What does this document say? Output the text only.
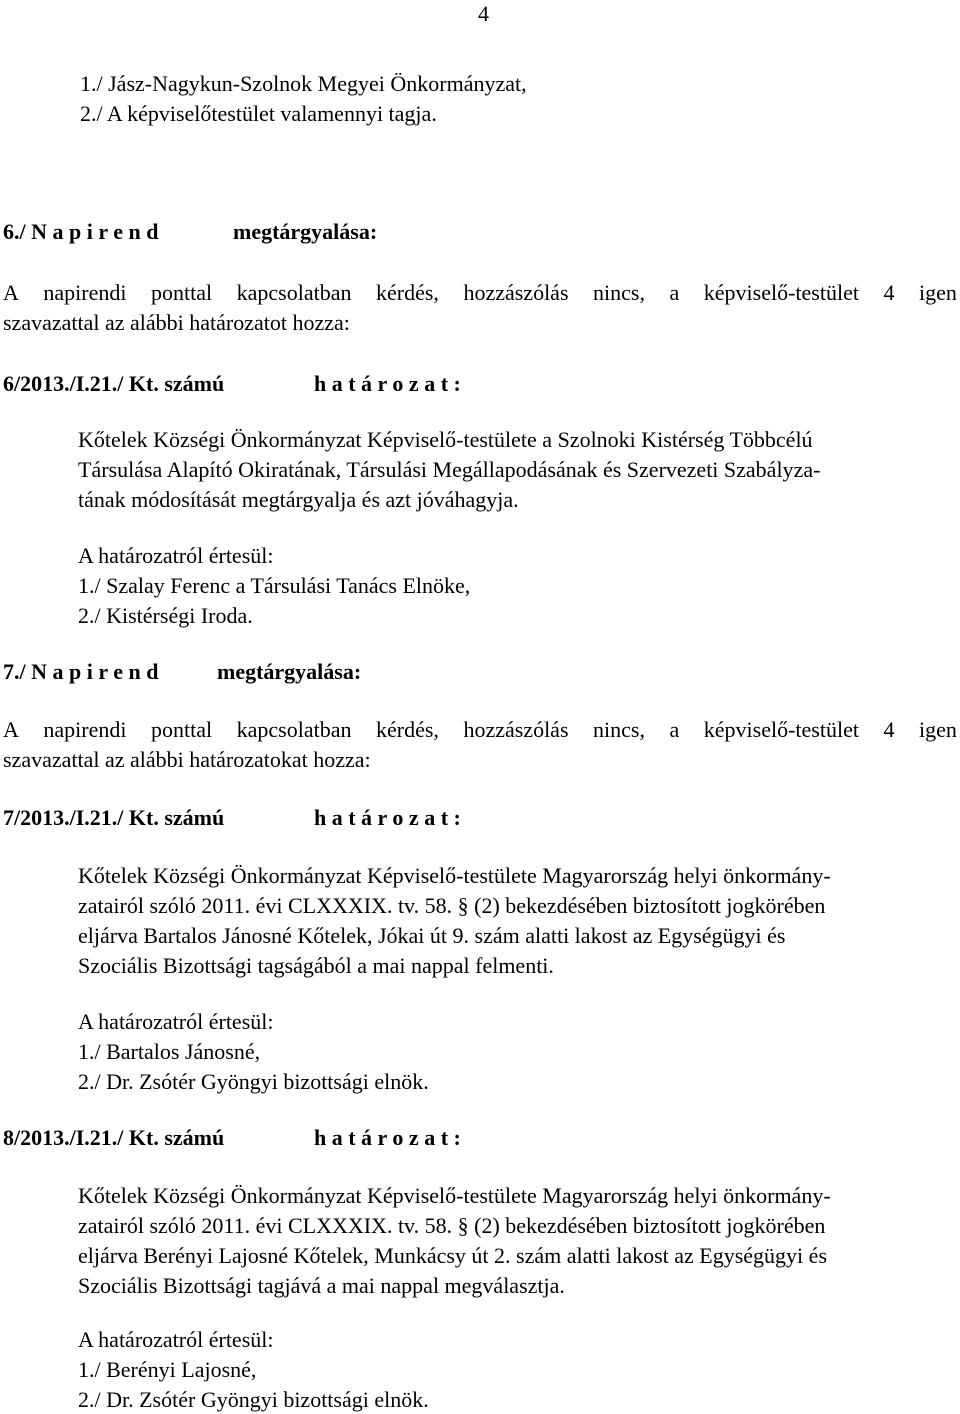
4
1./ Jász-Nagykun-Szolnok Megyei Önkormányzat,
2./ A képviselőtestület valamennyi tagja.
6./ N a p i r e n d	megtárgyalása:
A napirendi ponttal kapcsolatban kérdés, hozzászólás nincs, a képviselő-testület 4 igen
szavazattal az alábbi határozatot hozza:
6/2013./I.21./ Kt. számú	h a t á r o z a t :
Kőtelek Községi Önkormányzat Képviselő-testülete a Szolnoki Kistérség Többcélú
Társulása Alapító Okiratának, Társulási Megállapodásának és Szervezeti Szabályza-
tának módosítását megtárgyalja és azt jóváhagyja.
A határozatról értesül:
1./ Szalay Ferenc a Társulási Tanács Elnöke,
2./ Kistérségi Iroda.
7./ N a p i r e n d	megtárgyalása:
A napirendi ponttal kapcsolatban kérdés, hozzászólás nincs, a képviselő-testület 4 igen
szavazattal az alábbi határozatokat hozza:
7/2013./I.21./ Kt. számú	h a t á r o z a t :
Kőtelek Községi Önkormányzat Képviselő-testülete Magyarország helyi önkormány-
zatairól szóló 2011. évi CLXXXIX. tv. 58. § (2) bekezdésében biztosított jogkörében
eljárva Bartalos Jánosné Kőtelek, Jókai út 9. szám alatti lakost az Egységügyi és
Szociális Bizottsági tagságából a mai nappal felmenti.
A határozatról értesül:
1./ Bartalos Jánosné,
2./ Dr. Zsótér Gyöngyi bizottsági elnök.
8/2013./I.21./ Kt. számú	h a t á r o z a t :
Kőtelek Községi Önkormányzat Képviselő-testülete Magyarország helyi önkormány-
zatairól szóló 2011. évi CLXXXIX. tv. 58. § (2) bekezdésében biztosított jogkörében
eljárva Berényi Lajosné Kőtelek, Munkácsy út 2. szám alatti lakost az Egységügyi és
Szociális Bizottsági tagjává a mai nappal megválasztja.
A határozatról értesül:
1./ Berényi Lajosné,
2./ Dr. Zsótér Gyöngyi bizottsági elnök.
